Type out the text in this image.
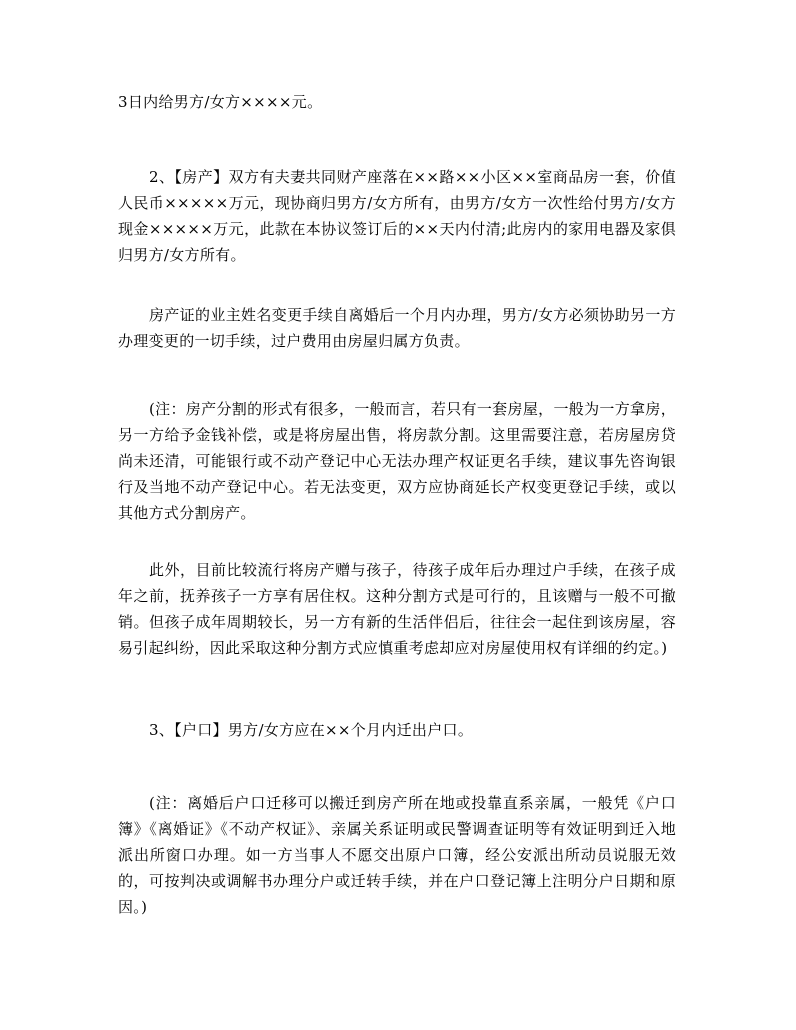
3日内给男方/女方××××元。

2、【房产】双方有夫妻共同财产座落在××路××小区××室商品房一套，价值人民币×××××万元，现协商归男方/女方所有，由男方/女方一次性给付男方/女方现金×××××万元，此款在本协议签订后的××天内付清;此房内的家用电器及家俱归男方/女方所有。

房产证的业主姓名变更手续自离婚后一个月内办理，男方/女方必须协助另一方办理变更的一切手续，过户费用由房屋归属方负责。

(注：房产分割的形式有很多，一般而言，若只有一套房屋，一般为一方拿房，另一方给予金钱补偿，或是将房屋出售，将房款分割。这里需要注意，若房屋房贷尚未还清，可能银行或不动产登记中心无法办理产权证更名手续，建议事先咨询银行及当地不动产登记中心。若无法变更，双方应协商延长产权变更登记手续，或以其他方式分割房产。

此外，目前比较流行将房产赠与孩子，待孩子成年后办理过户手续，在孩子成年之前，抚养孩子一方享有居住权。这种分割方式是可行的，且该赠与一般不可撤销。但孩子成年周期较长，另一方有新的生活伴侣后，往往会一起住到该房屋，容易引起纠纷，因此采取这种分割方式应慎重考虑却应对房屋使用权有详细的约定。)

3、【户口】男方/女方应在××个月内迁出户口。

(注：离婚后户口迁移可以搬迁到房产所在地或投靠直系亲属，一般凭《户口簿》《离婚证》《不动产权证》、亲属关系证明或民警调查证明等有效证明到迁入地派出所窗口办理。如一方当事人不愿交出原户口簿，经公安派出所动员说服无效的，可按判决或调解书办理分户或迁转手续，并在户口登记簿上注明分户日期和原因。)
